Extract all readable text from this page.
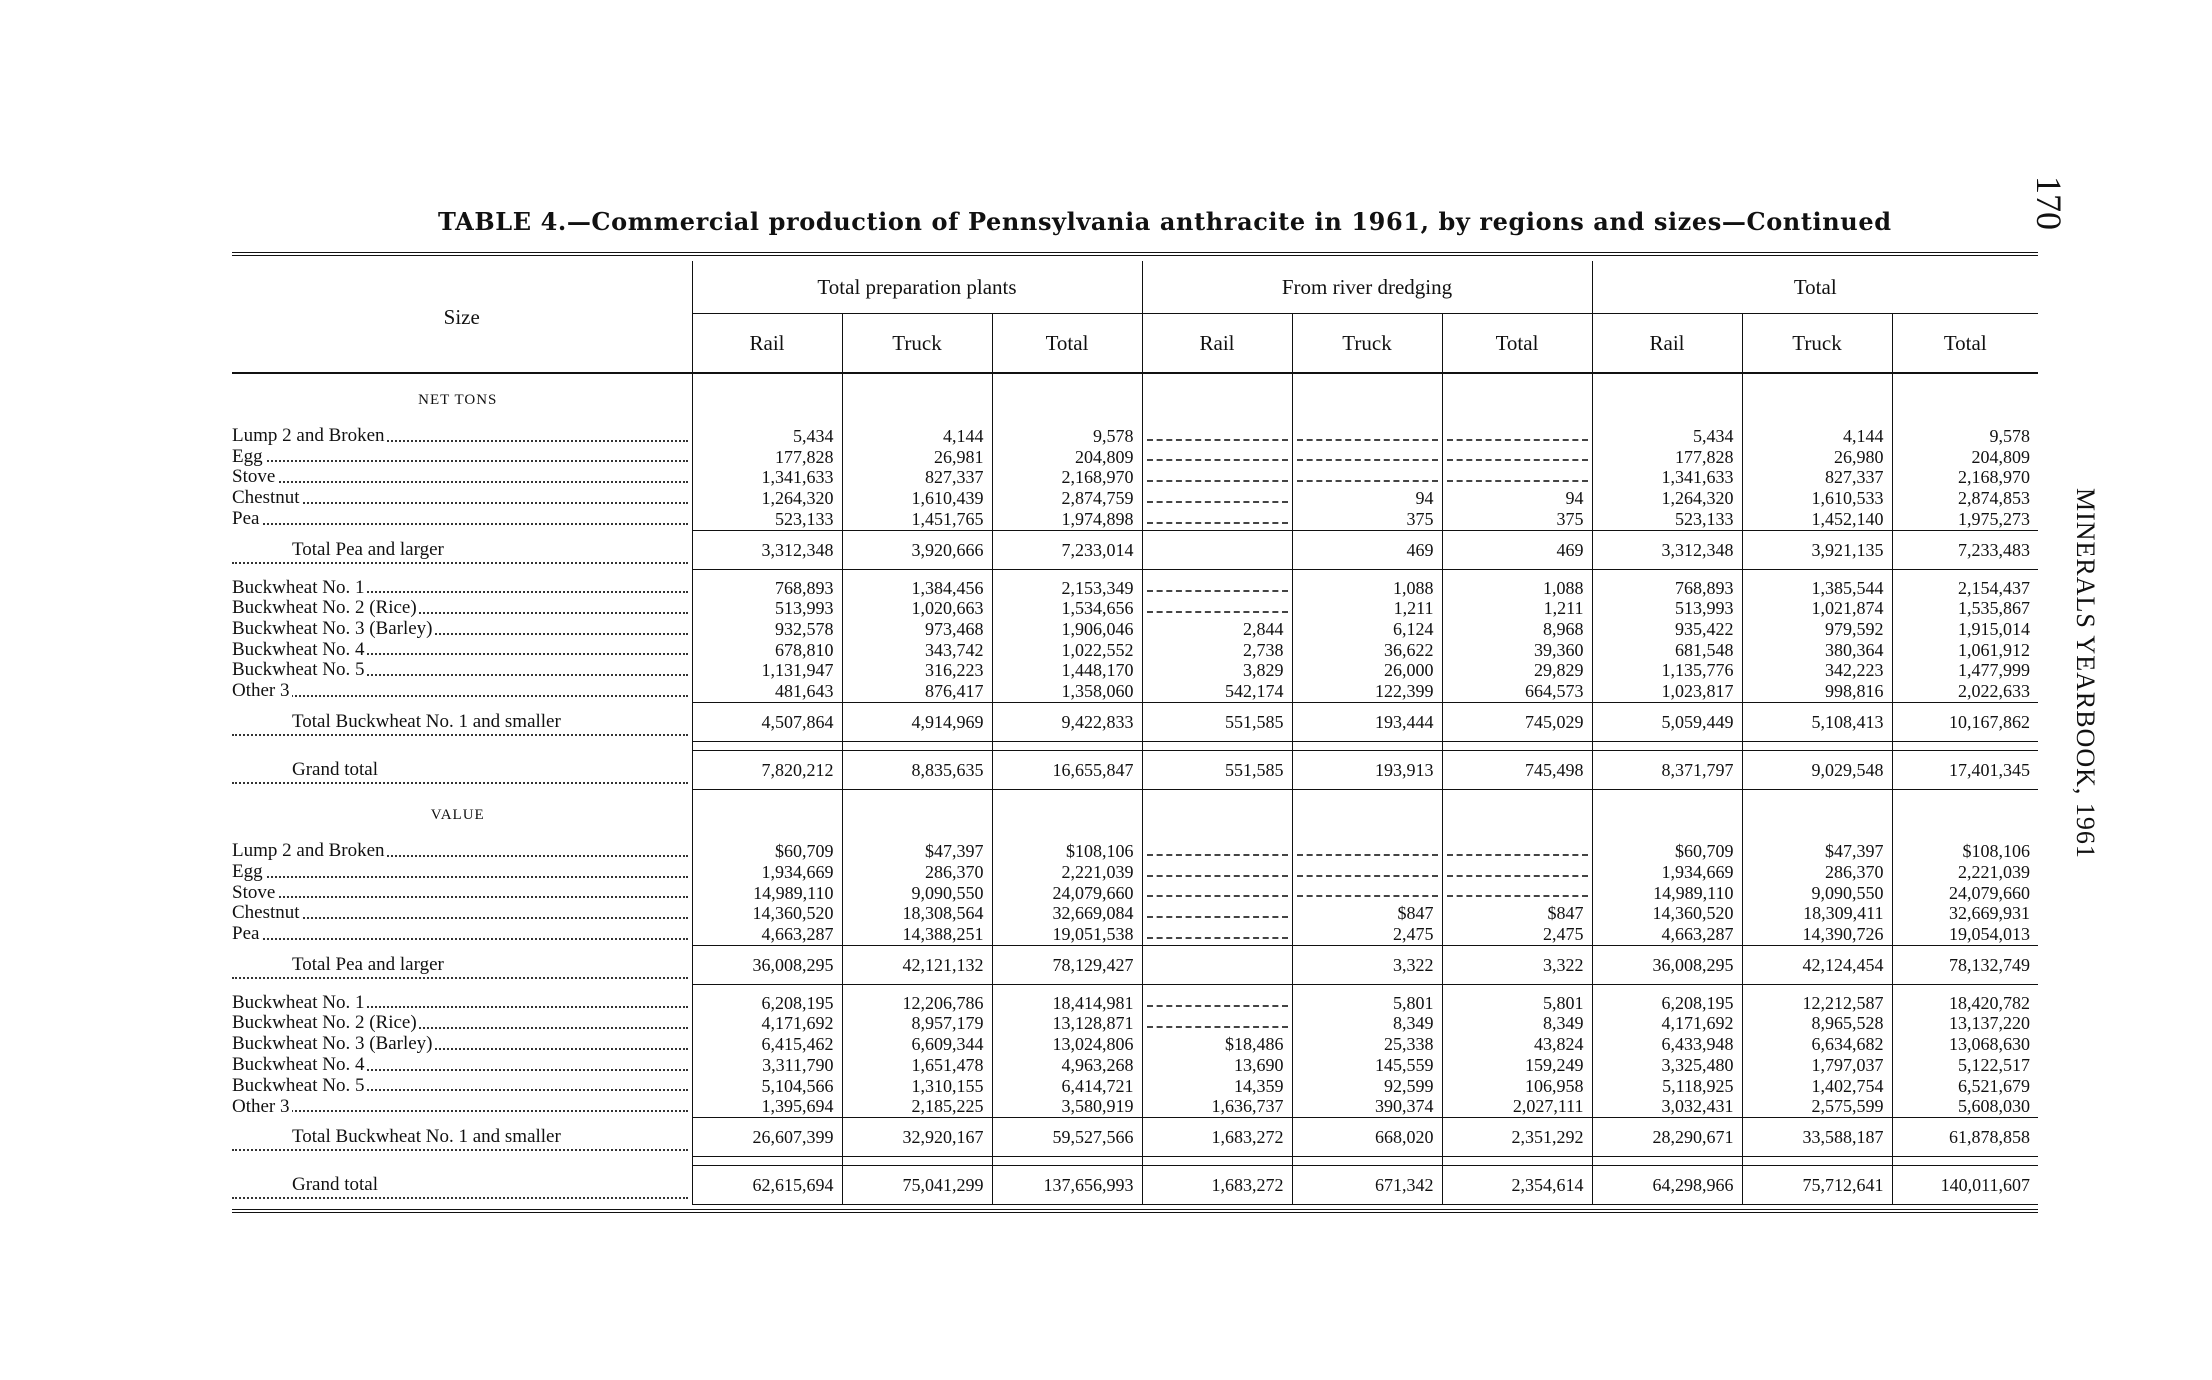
TABLE 4.—Commercial production of Pennsylvania anthracite in 1961, by regions and sizes—Continued	170
MINERALS YEARBOOK, 1961

Size	Total preparation plants			From river dredging			Total		
	Rail	Truck	Total	Rail	Truck	Total	Rail	Truck	Total
NET TONS									
Lump 2 and Broken	5,434	4,144	9,578				5,434	4,144	9,578
Egg	177,828	26,981	204,809				177,828	26,980	204,809
Stove	1,341,633	827,337	2,168,970				1,341,633	827,337	2,168,970
Chestnut	1,264,320	1,610,439	2,874,759		94	94	1,264,320	1,610,533	2,874,853
Pea	523,133	1,451,765	1,974,898		375	375	523,133	1,452,140	1,975,273
Total Pea and larger	3,312,348	3,920,666	7,233,014		469	469	3,312,348	3,921,135	7,233,483

Buckwheat No. 1	768,893	1,384,456	2,153,349		1,088	1,088	768,893	1,385,544	2,154,437
Buckwheat No. 2 (Rice)	513,993	1,020,663	1,534,656		1,211	1,211	513,993	1,021,874	1,535,867
Buckwheat No. 3 (Barley)	932,578	973,468	1,906,046	2,844	6,124	8,968	935,422	979,592	1,915,014
Buckwheat No. 4	678,810	343,742	1,022,552	2,738	36,622	39,360	681,548	380,364	1,061,912
Buckwheat No. 5	1,131,947	316,223	1,448,170	3,829	26,000	29,829	1,135,776	342,223	1,477,999
Other 3	481,643	876,417	1,358,060	542,174	122,399	664,573	1,023,817	998,816	2,022,633
Total Buckwheat No. 1 and smaller	4,507,864	4,914,969	9,422,833	551,585	193,444	745,029	5,059,449	5,108,413	10,167,862

Grand total	7,820,212	8,835,635	16,655,847	551,585	193,913	745,498	8,371,797	9,029,548	17,401,345
VALUE									
Lump 2 and Broken	$60,709	$47,397	$108,106				$60,709	$47,397	$108,106
Egg	1,934,669	286,370	2,221,039				1,934,669	286,370	2,221,039
Stove	14,989,110	9,090,550	24,079,660				14,989,110	9,090,550	24,079,660
Chestnut	14,360,520	18,308,564	32,669,084		$847	$847	14,360,520	18,309,411	32,669,931
Pea	4,663,287	14,388,251	19,051,538		2,475	2,475	4,663,287	14,390,726	19,054,013
Total Pea and larger	36,008,295	42,121,132	78,129,427		3,322	3,322	36,008,295	42,124,454	78,132,749

Buckwheat No. 1	6,208,195	12,206,786	18,414,981		5,801	5,801	6,208,195	12,212,587	18,420,782
Buckwheat No. 2 (Rice)	4,171,692	8,957,179	13,128,871		8,349	8,349	4,171,692	8,965,528	13,137,220
Buckwheat No. 3 (Barley)	6,415,462	6,609,344	13,024,806	$18,486	25,338	43,824	6,433,948	6,634,682	13,068,630
Buckwheat No. 4	3,311,790	1,651,478	4,963,268	13,690	145,559	159,249	3,325,480	1,797,037	5,122,517
Buckwheat No. 5	5,104,566	1,310,155	6,414,721	14,359	92,599	106,958	5,118,925	1,402,754	6,521,679
Other 3	1,395,694	2,185,225	3,580,919	1,636,737	390,374	2,027,111	3,032,431	2,575,599	5,608,030
Total Buckwheat No. 1 and smaller	26,607,399	32,920,167	59,527,566	1,683,272	668,020	2,351,292	28,290,671	33,588,187	61,878,858

Grand total	62,615,694	75,041,299	137,656,993	1,683,272	671,342	2,354,614	64,298,966	75,712,641	140,011,607
